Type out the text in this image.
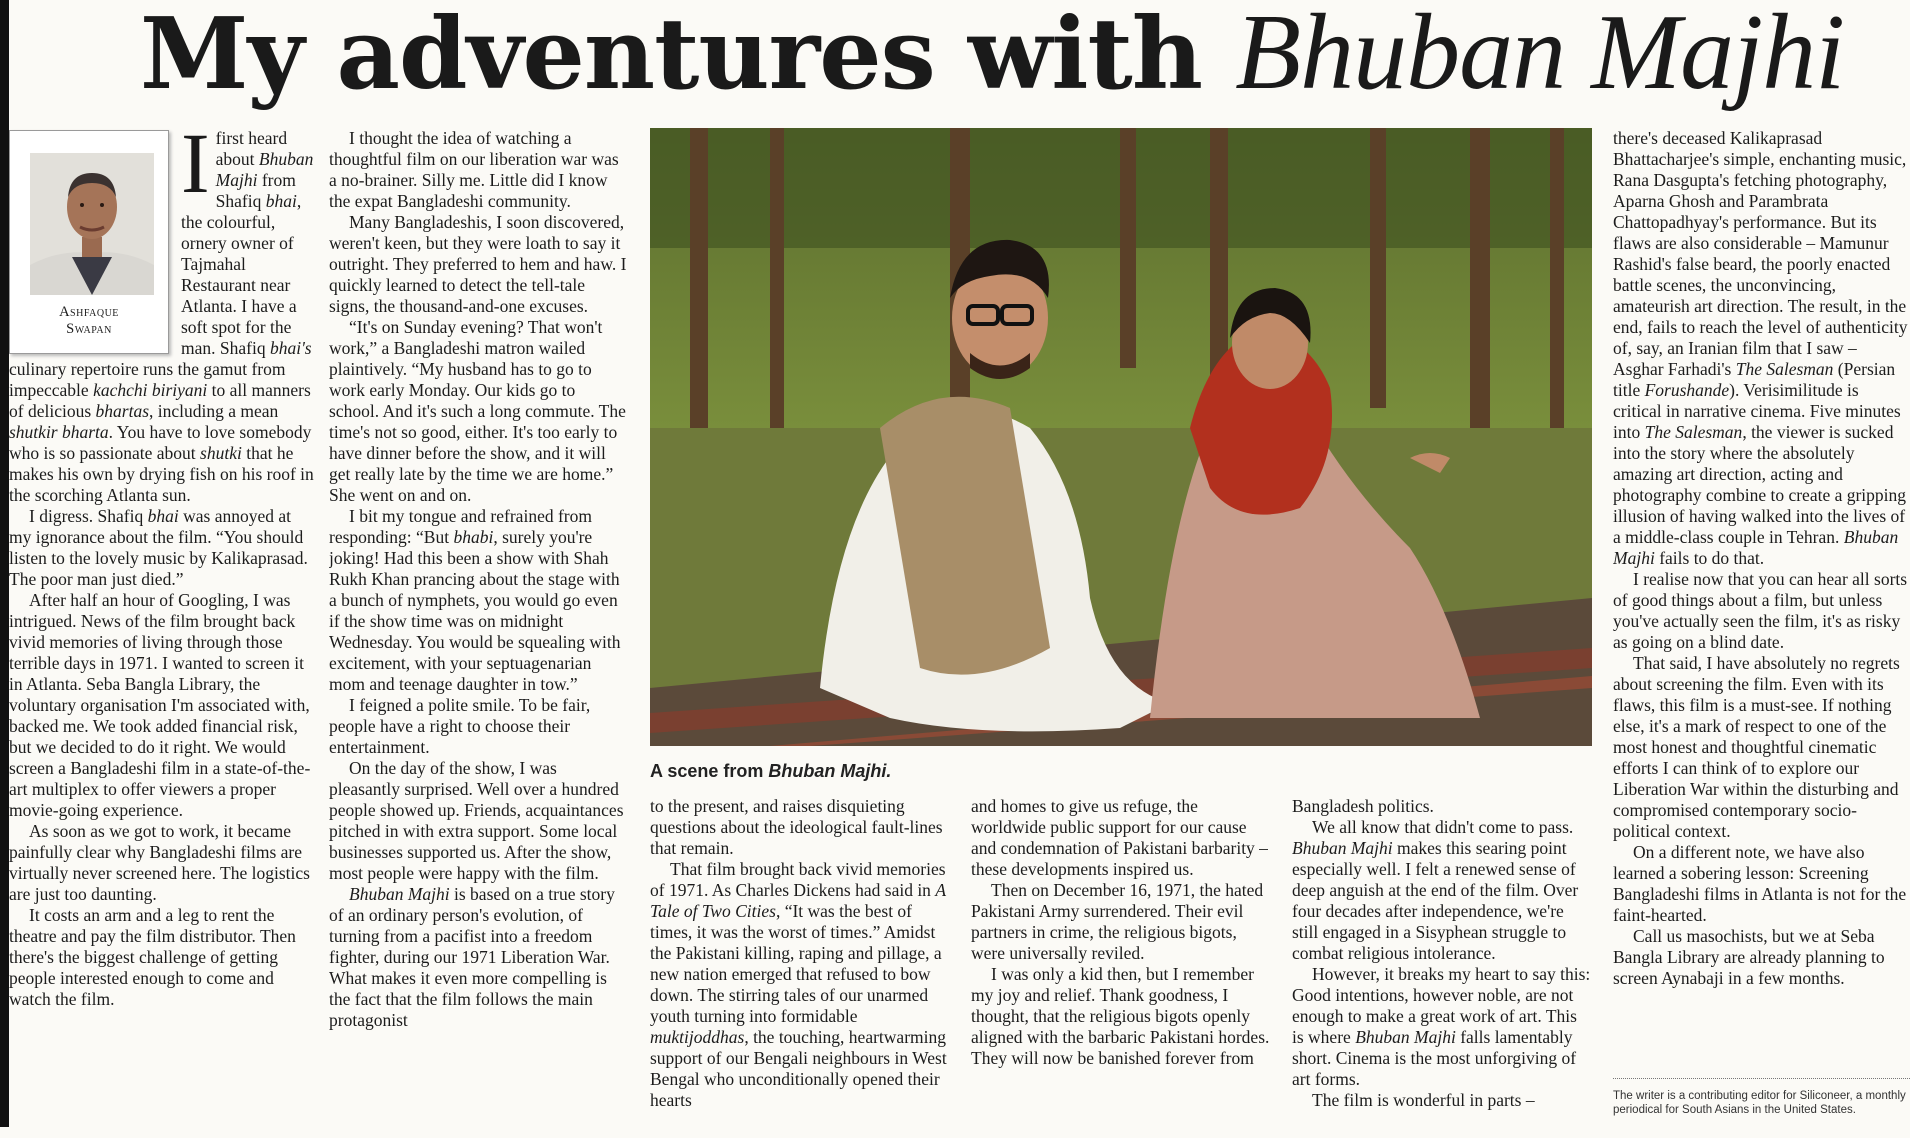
My adventures with Bhuban Majhi
Ashfaque
Swapan

I first heard about Bhuban Majhi from Shafiq bhai, the colourful, ornery owner of Tajmahal Restaurant near Atlanta. I have a soft spot for the man. Shafiq bhai's culinary repertoire runs the gamut from impeccable kachchi biriyani to all manners of delicious bhartas, including a mean shutkir bharta. You have to love somebody who is so passionate about shutki that he makes his own by drying fish on his roof in the scorching Atlanta sun.

I digress. Shafiq bhai was annoyed at my ignorance about the film. “You should listen to the lovely music by Kalikaprasad. The poor man just died.”

After half an hour of Googling, I was intrigued. News of the film brought back vivid memories of living through those terrible days in 1971. I wanted to screen it in Atlanta. Seba Bangla Library, the voluntary organisation I'm associated with, backed me. We took added financial risk, but we decided to do it right. We would screen a Bangladeshi film in a state-of-the-art multiplex to offer viewers a proper movie-going experience.

As soon as we got to work, it became painfully clear why Bangladeshi films are virtually never screened here. The logistics are just too daunting.

It costs an arm and a leg to rent the theatre and pay the film distributor. Then there's the biggest challenge of getting people interested enough to come and watch the film.

I thought the idea of watching a thoughtful film on our liberation war was a no-brainer. Silly me. Little did I know the expat Bangladeshi community.

Many Bangladeshis, I soon discovered, weren't keen, but they were loath to say it outright. They preferred to hem and haw. I quickly learned to detect the tell-tale signs, the thousand-and-one excuses.

“It's on Sunday evening? That won't work,” a Bangladeshi matron wailed plaintively. “My husband has to go to work early Monday. Our kids go to school. And it's such a long commute. The time's not so good, either. It's too early to have dinner before the show, and it will get really late by the time we are home.” She went on and on.

I bit my tongue and refrained from responding: “But bhabi, surely you're joking! Had this been a show with Shah Rukh Khan prancing about the stage with a bunch of nymphets, you would go even if the show time was on midnight Wednesday. You would be squealing with excitement, with your septuagenarian mom and teenage daughter in tow.”

I feigned a polite smile. To be fair, people have a right to choose their entertainment.

On the day of the show, I was pleasantly surprised. Well over a hundred people showed up. Friends, acquaintances pitched in with extra support. Some local businesses supported us. After the show, most people were happy with the film.

Bhuban Majhi is based on a true story of an ordinary person's evolution, of turning from a pacifist into a freedom fighter, during our 1971 Liberation War. What makes it even more compelling is the fact that the film follows the main protagonist

A scene from Bhuban Majhi.

to the present, and raises disquieting questions about the ideological fault-lines that remain.

That film brought back vivid memories of 1971. As Charles Dickens had said in A Tale of Two Cities, “It was the best of times, it was the worst of times.” Amidst the Pakistani killing, raping and pillage, a new nation emerged that refused to bow down. The stirring tales of our unarmed youth turning into formidable muktijoddhas, the touching, heartwarming support of our Bengali neighbours in West Bengal who unconditionally opened their hearts

and homes to give us refuge, the worldwide public support for our cause and condemnation of Pakistani barbarity – these developments inspired us.

Then on December 16, 1971, the hated Pakistani Army surrendered. Their evil partners in crime, the religious bigots, were universally reviled.

I was only a kid then, but I remember my joy and relief. Thank goodness, I thought, that the religious bigots openly aligned with the barbaric Pakistani hordes. They will now be banished forever from

Bangladesh politics.

We all know that didn't come to pass. Bhuban Majhi makes this searing point especially well. I felt a renewed sense of deep anguish at the end of the film. Over four decades after independence, we're still engaged in a Sisyphean struggle to combat religious intolerance.

However, it breaks my heart to say this: Good intentions, however noble, are not enough to make a great work of art. This is where Bhuban Majhi falls lamentably short. Cinema is the most unforgiving of art forms.

The film is wonderful in parts –

there's deceased Kalikaprasad Bhattacharjee's simple, enchanting music, Rana Dasgupta's fetching photography, Aparna Ghosh and Parambrata Chattopadhyay's performance. But its flaws are also considerable – Mamunur Rashid's false beard, the poorly enacted battle scenes, the unconvincing, amateurish art direction. The result, in the end, fails to reach the level of authenticity of, say, an Iranian film that I saw – Asghar Farhadi's The Salesman (Persian title Forushande). Verisimilitude is critical in narrative cinema. Five minutes into The Salesman, the viewer is sucked into the story where the absolutely amazing art direction, acting and photography combine to create a gripping illusion of having walked into the lives of a middle-class couple in Tehran. Bhuban Majhi fails to do that.

I realise now that you can hear all sorts of good things about a film, but unless you've actually seen the film, it's as risky as going on a blind date.

That said, I have absolutely no regrets about screening the film. Even with its flaws, this film is a must-see. If nothing else, it's a mark of respect to one of the most honest and thoughtful cinematic efforts I can think of to explore our Liberation War within the disturbing and compromised contemporary socio-political context.

On a different note, we have also learned a sobering lesson: Screening Bangladeshi films in Atlanta is not for the faint-hearted.

Call us masochists, but we at Seba Bangla Library are already planning to screen Aynabaji in a few months.

The writer is a contributing editor for Siliconeer, a monthly periodical for South Asians in the United States.
